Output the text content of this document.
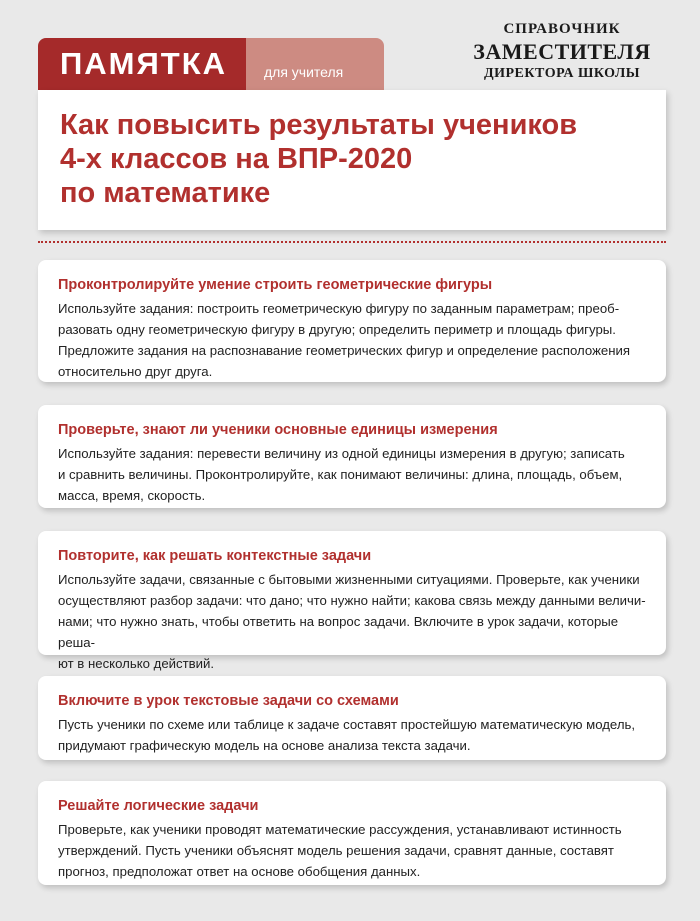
ПАМЯТКА	для учителя
СПРАВОЧНИК
ЗАМЕСТИТЕЛЯ
ДИРЕКТОРА ШКОЛЫ
Как повысить результаты учеников
4-х классов на ВПР-2020
по математике
Проконтролируйте умение строить геометрические фигуры

Используйте задания: построить геометрическую фигуру по заданным параметрам; преоб-
разовать одну геометрическую фигуру в другую; определить периметр и площадь фигуры.
Предложите задания на распознавание геометрических фигур и определение расположения
относительно друг друга.

Проверьте, знают ли ученики основные единицы измерения

Используйте задания: перевести величину из одной единицы измерения в другую; записать
и сравнить величины. Проконтролируйте, как понимают величины: длина, площадь, объем,
масса, время, скорость.

Повторите, как решать контекстные задачи

Используйте задачи, связанные с бытовыми жизненными ситуациями. Проверьте, как ученики
осуществляют разбор задачи: что дано; что нужно найти; какова связь между данными величи-
нами; что нужно знать, чтобы ответить на вопрос задачи. Включите в урок задачи, которые реша-
ют в несколько действий.

Включите в урок текстовые задачи со схемами

Пусть ученики по схеме или таблице к задаче составят простейшую математическую модель,
придумают графическую модель на основе анализа текста задачи.

Решайте логические задачи

Проверьте, как ученики проводят математические рассуждения, устанавливают истинность
утверждений. Пусть ученики объяснят модель решения задачи, сравнят данные, составят
прогноз, предположат ответ на основе обобщения данных.
